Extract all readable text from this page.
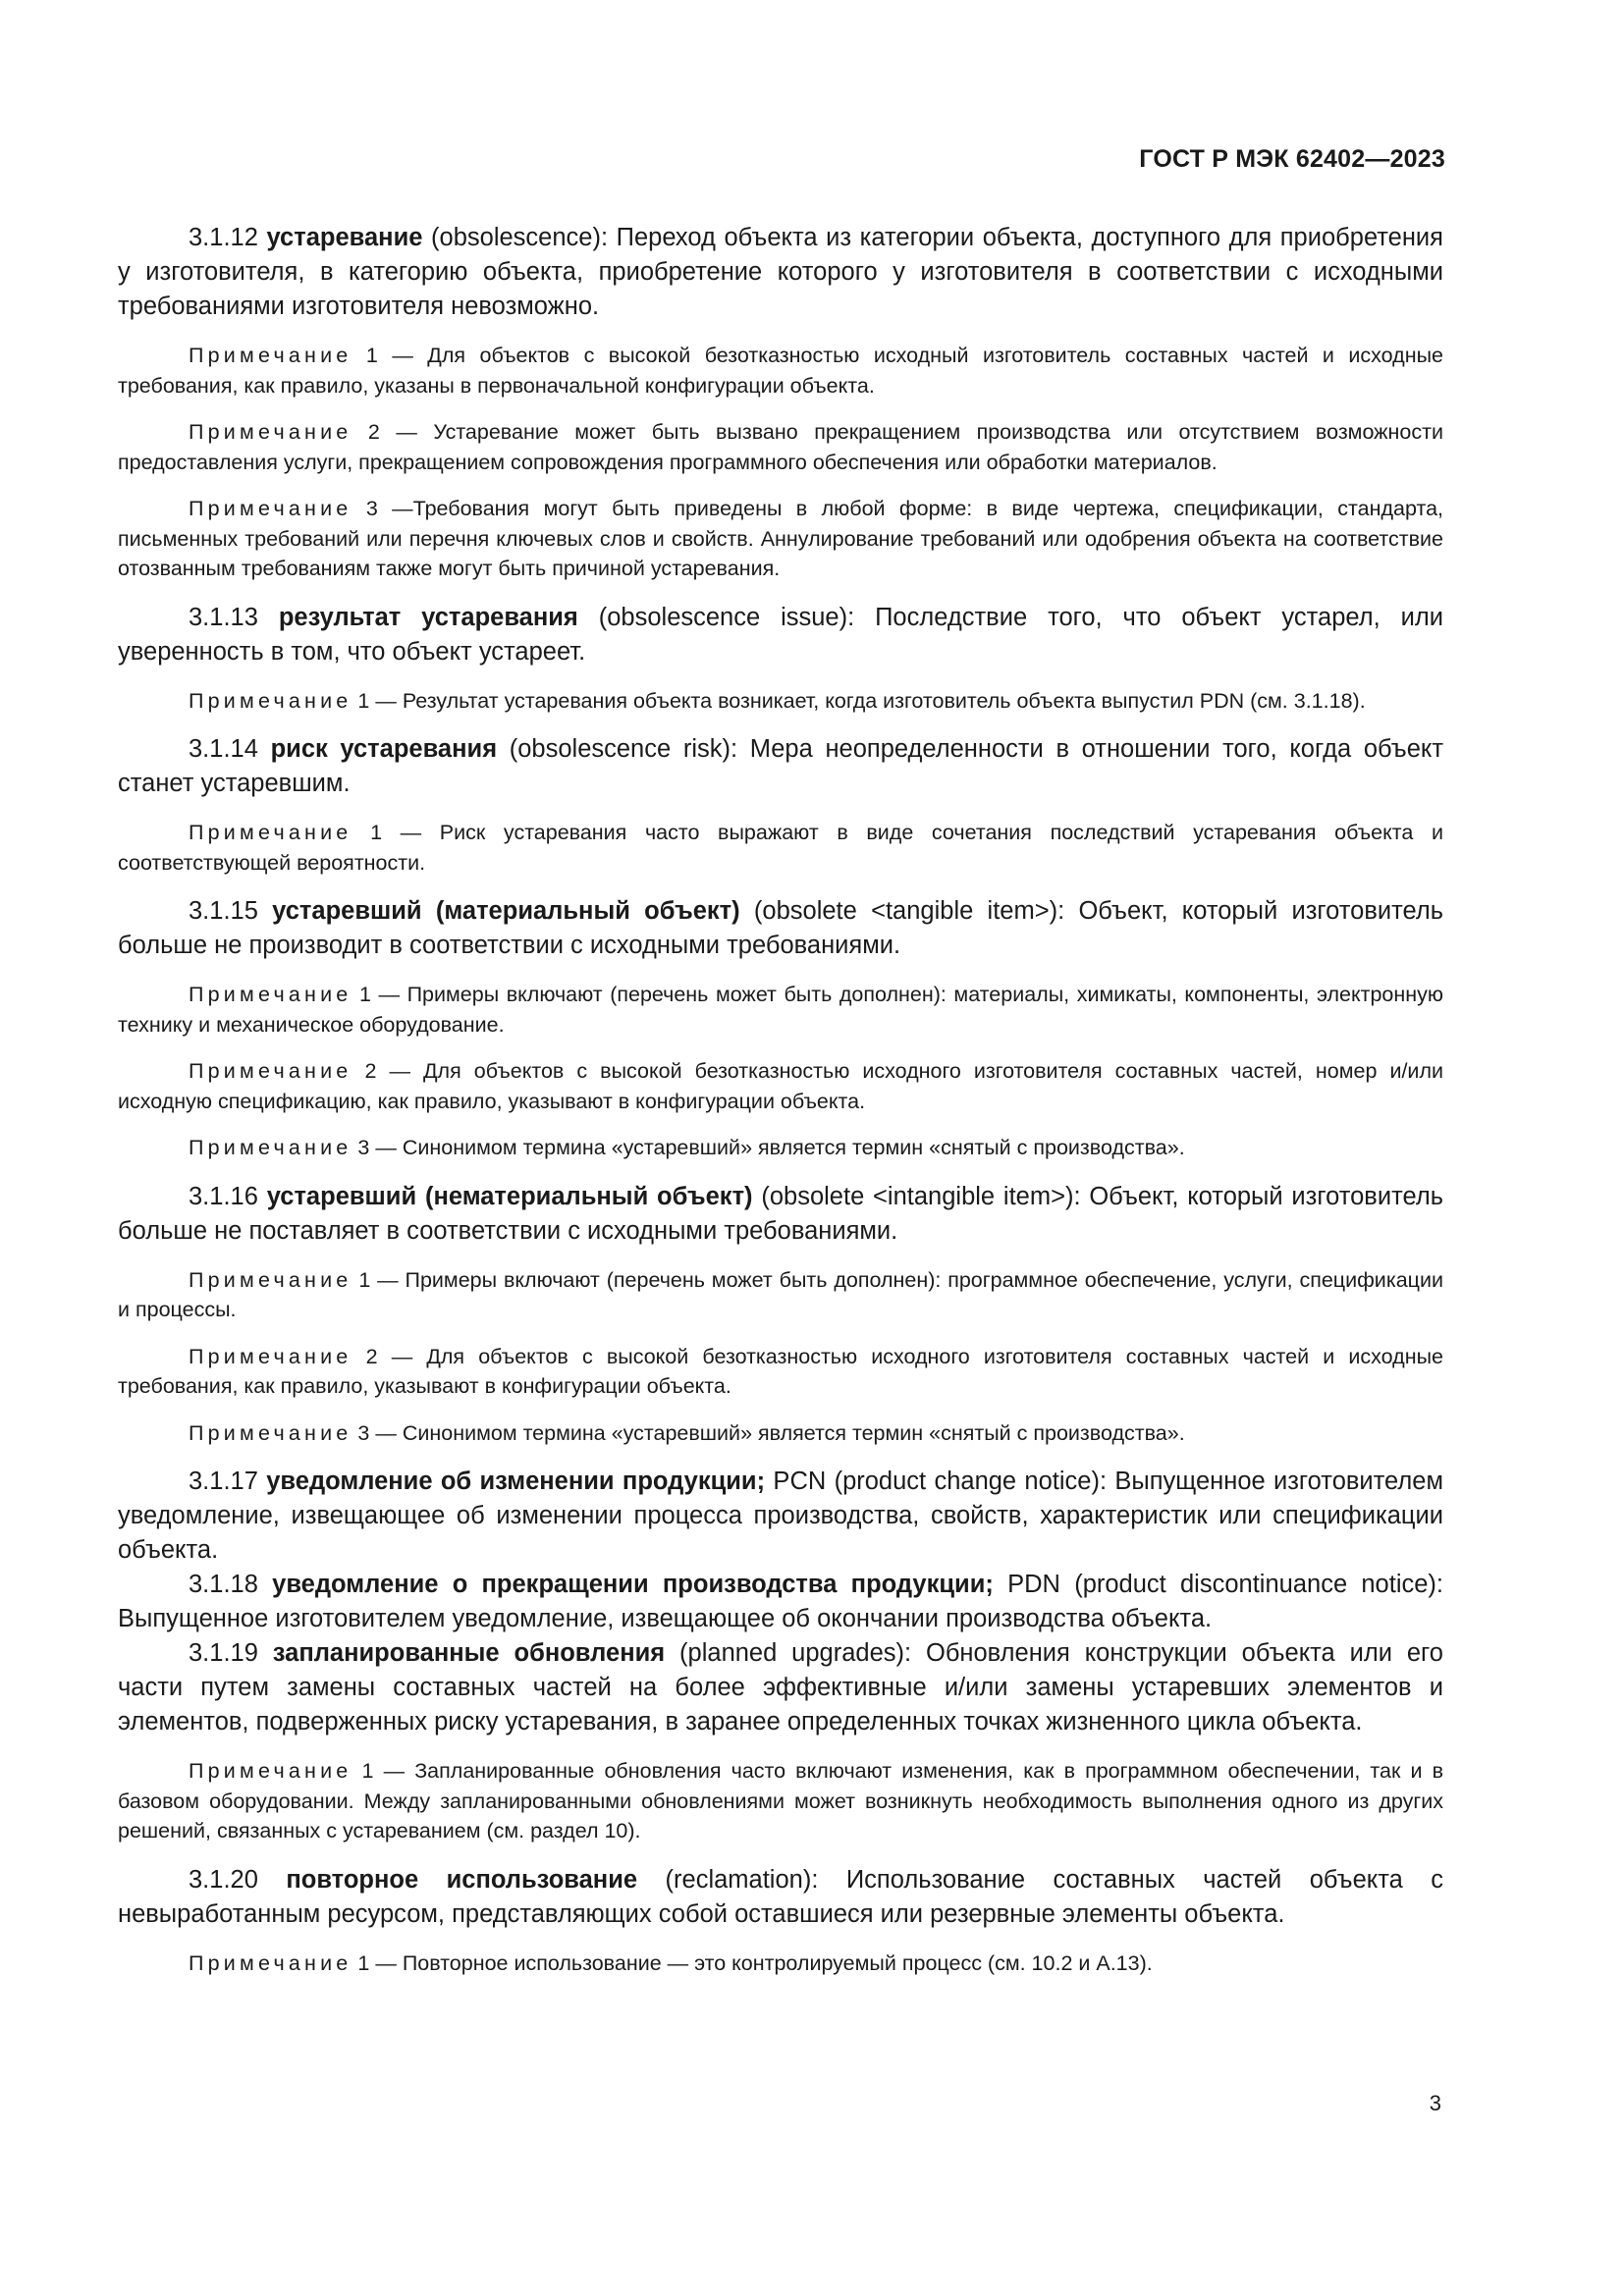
ГОСТ Р МЭК 62402—2023

3.1.12 устаревание (obsolescence): Переход объекта из категории объекта, доступного для приобретения у изготовителя, в категорию объекта, приобретение которого у изготовителя в соответствии с исходными требованиями изготовителя невозможно.

Примечание 1 — Для объектов с высокой безотказностью исходный изготовитель составных частей и исходные требования, как правило, указаны в первоначальной конфигурации объекта.

Примечание 2 — Устаревание может быть вызвано прекращением производства или отсутствием возможности предоставления услуги, прекращением сопровождения программного обеспечения или обработки материалов.

Примечание 3 —Требования могут быть приведены в любой форме: в виде чертежа, спецификации, стандарта, письменных требований или перечня ключевых слов и свойств. Аннулирование требований или одобрения объекта на соответствие отозванным требованиям также могут быть причиной устаревания.

3.1.13 результат устаревания (obsolescence issue): Последствие того, что объект устарел, или уверенность в том, что объект устареет.

Примечание 1 — Результат устаревания объекта возникает, когда изготовитель объекта выпустил PDN (см. 3.1.18).

3.1.14 риск устаревания (obsolescence risk): Мера неопределенности в отношении того, когда объект станет устаревшим.

Примечание 1 — Риск устаревания часто выражают в виде сочетания последствий устаревания объекта и соответствующей вероятности.

3.1.15 устаревший (материальный объект) (obsolete <tangible item>): Объект, который изготовитель больше не производит в соответствии с исходными требованиями.

Примечание 1 — Примеры включают (перечень может быть дополнен): материалы, химикаты, компоненты, электронную технику и механическое оборудование.

Примечание 2 — Для объектов с высокой безотказностью исходного изготовителя составных частей, номер и/или исходную спецификацию, как правило, указывают в конфигурации объекта.

Примечание 3 — Синонимом термина «устаревший» является термин «снятый с производства».

3.1.16 устаревший (нематериальный объект) (obsolete <intangible item>): Объект, который изготовитель больше не поставляет в соответствии с исходными требованиями.

Примечание 1 — Примеры включают (перечень может быть дополнен): программное обеспечение, услуги, спецификации и процессы.

Примечание 2 — Для объектов с высокой безотказностью исходного изготовителя составных частей и исходные требования, как правило, указывают в конфигурации объекта.

Примечание 3 — Синонимом термина «устаревший» является термин «снятый с производства».

3.1.17 уведомление об изменении продукции; PCN (product change notice): Выпущенное изготовителем уведомление, извещающее об изменении процесса производства, свойств, характеристик или спецификации объекта.

3.1.18 уведомление о прекращении производства продукции; PDN (product discontinuance notice): Выпущенное изготовителем уведомление, извещающее об окончании производства объекта.

3.1.19 запланированные обновления (planned upgrades): Обновления конструкции объекта или его части путем замены составных частей на более эффективные и/или замены устаревших элементов и элементов, подверженных риску устаревания, в заранее определенных точках жизненного цикла объекта.

Примечание 1 — Запланированные обновления часто включают изменения, как в программном обеспечении, так и в базовом оборудовании. Между запланированными обновлениями может возникнуть необходимость выполнения одного из других решений, связанных с устареванием (см. раздел 10).

3.1.20 повторное использование (reclamation): Использование составных частей объекта с невыработанным ресурсом, представляющих собой оставшиеся или резервные элементы объекта.

Примечание 1 — Повторное использование — это контролируемый процесс (см. 10.2 и А.13).

3
